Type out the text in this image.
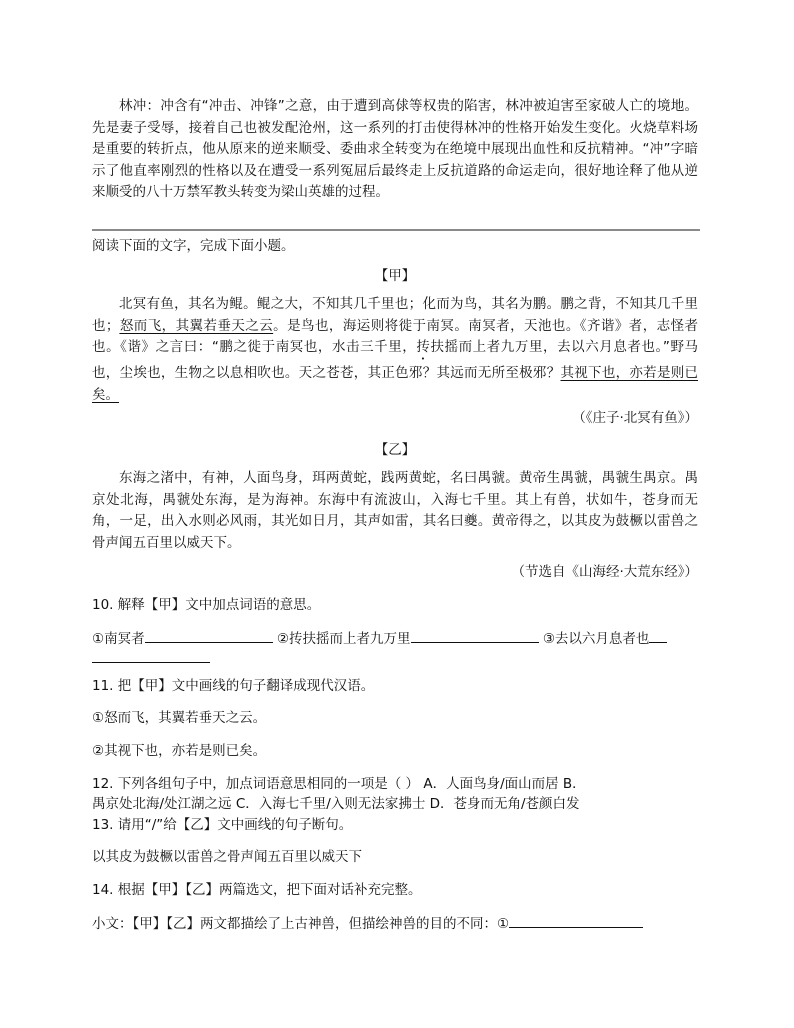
林冲：冲含有“冲击、冲锋”之意，由于遭到高俅等权贵的陷害，林冲被迫害至家破人亡的境地。先是妻子受辱，接着自己也被发配沧州，这一系列的打击使得林冲的性格开始发生变化。火烧草料场是重要的转折点，他从原来的逆来顺受、委曲求全转变为在绝境中展现出血性和反抗精神。“冲”字暗示了他直率刚烈的性格以及在遭受一系列冤屈后最终走上反抗道路的命运走向，很好地诠释了他从逆来顺受的八十万禁军教头转变为梁山英雄的过程。

阅读下面的文字，完成下面小题。

【甲】

北冥有鱼，其名为鲲。鲲之大，不知其几千里也；化而为鸟，其名为鹏。鹏之背，不知其几千里也；怒而飞，其翼若垂天之云。是鸟也，海运则将徙于南冥。南冥者，天池也。《齐谐》者，志怪者也。《谐》之言曰：“鹏之徙于南冥也，水击三千里，抟扶摇而上者九万里，去以六月息者也。”野马也，尘埃也，生物之以息相吹也。天之苍苍，其正色邪？其远而无所至极邪？其视下也，亦若是则已矣。

（《庄子·北冥有鱼》）

【乙】

东海之渚中，有神，人面鸟身，珥两黄蛇，践两黄蛇，名曰禺虢。黄帝生禺虢，禺虢生禺京。禺京处北海，禺虢处东海，是为海神。东海中有流波山，入海七千里。其上有兽，状如牛，苍身而无角，一足，出入水则必风雨，其光如日月，其声如雷，其名曰夔。黄帝得之，以其皮为鼓橛以雷兽之骨声闻五百里以威天下。

（节选自《山海经·大荒东经》）

10. 解释【甲】文中加点词语的意思。

①南冥者	②抟扶摇而上者九万里	③去以六月息者也

11. 把【甲】文中画线的句子翻译成现代汉语。

①怒而飞，其翼若垂天之云。

②其视下也，亦若是则已矣。

12. 下列各组句子中，加点词语意思相同的一项是（ ） A．人面鸟身/面山而居 B．

禺京处北海/处江湖之远 C．入海七千里/入则无法家拂士 D．苍身而无角/苍颜白发

13. 请用“/”给【乙】文中画线的句子断句。

以其皮为鼓橛以雷兽之骨声闻五百里以威天下

14. 根据【甲】【乙】两篇选文，把下面对话补充完整。

小文：【甲】【乙】两文都描绘了上古神兽，但描绘神兽的目的不同：①
